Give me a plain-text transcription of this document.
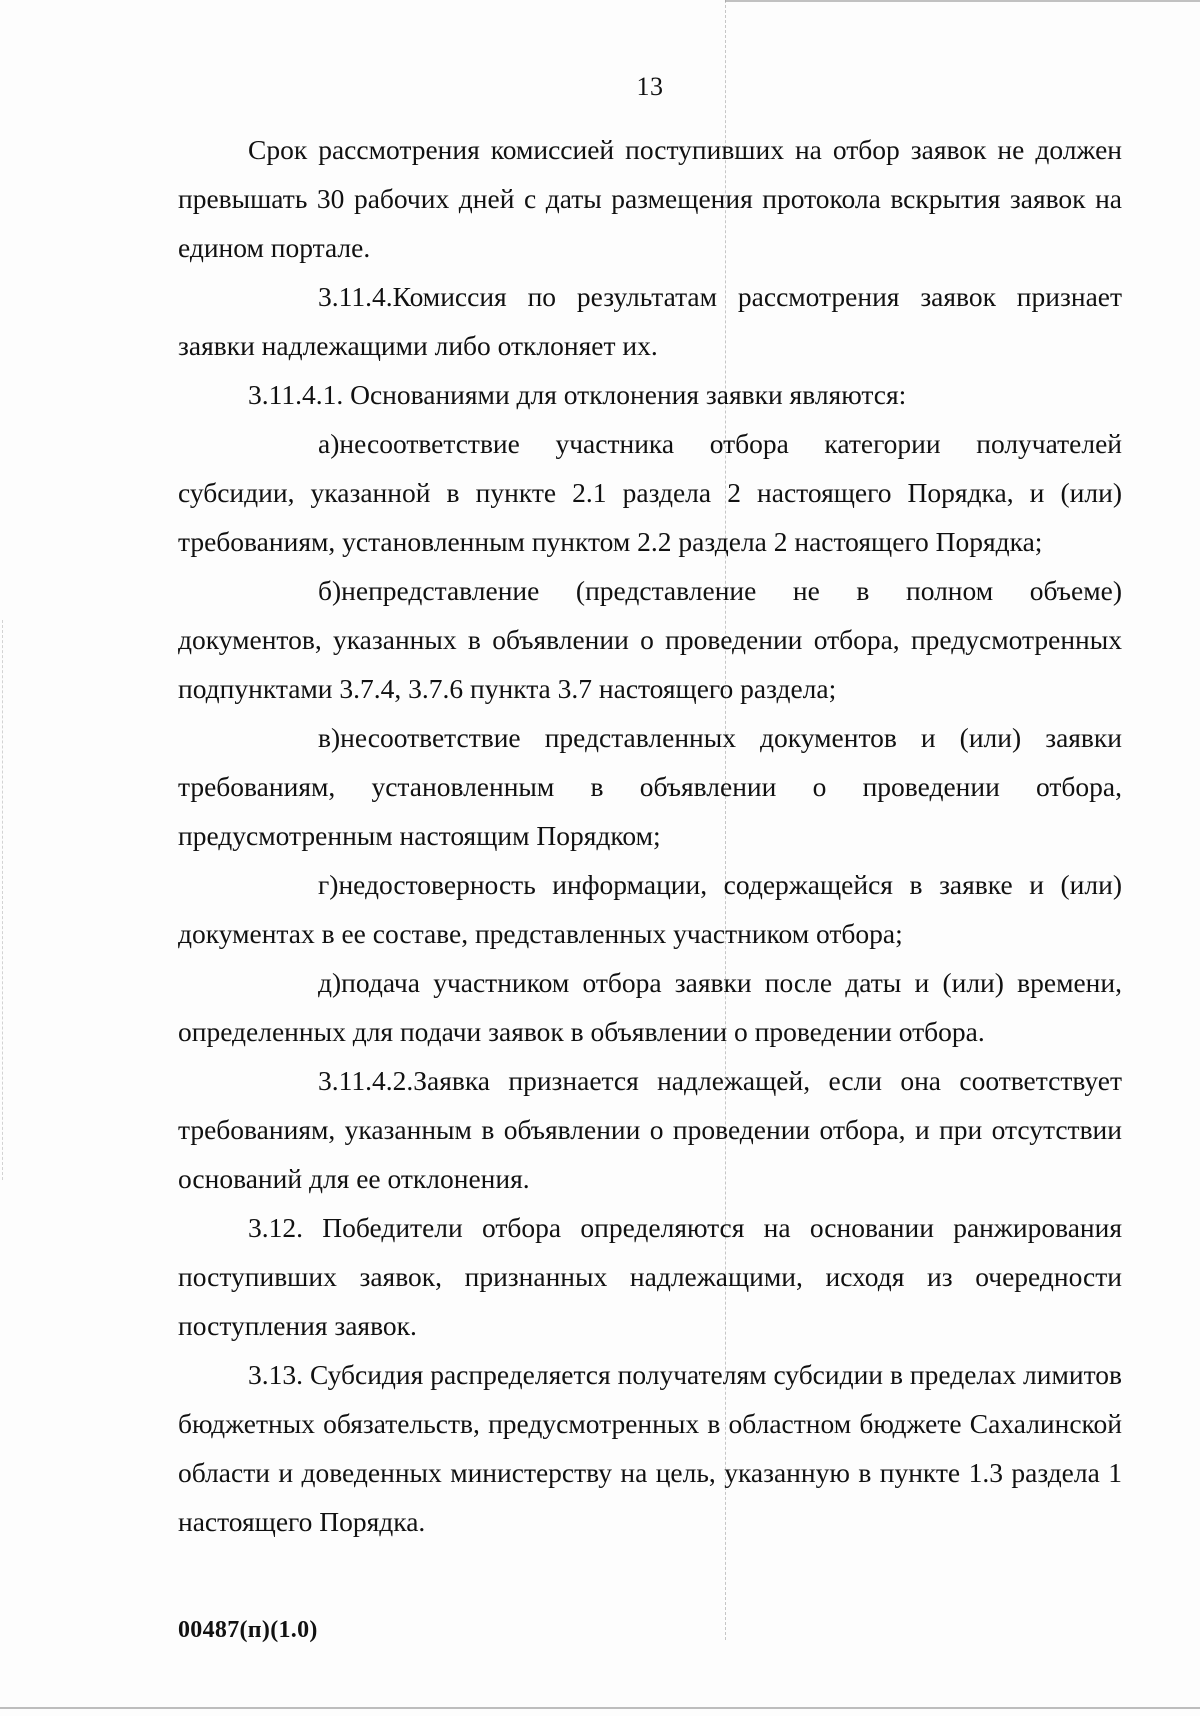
13

Срок рассмотрения комиссией поступивших на отбор заявок не должен превышать 30 рабочих дней с даты размещения протокола вскрытия заявок на едином портале.

3.11.4.Комиссия по результатам рассмотрения заявок признает заявки надлежащими либо отклоняет их.

3.11.4.1. Основаниями для отклонения заявки являются:

а)несоответствие участника отбора категории получателей субсидии, указанной в пункте 2.1 раздела 2 настоящего Порядка, и (или) требованиям, установленным пунктом 2.2 раздела 2 настоящего Порядка;

б)непредставление (представление не в полном объеме) документов, указанных в объявлении о проведении отбора, предусмотренных подпунктами 3.7.4, 3.7.6 пункта 3.7 настоящего раздела;

в)несоответствие представленных документов и (или) заявки требованиям, установленным в объявлении о проведении отбора, предусмотренным настоящим Порядком;

г)недостоверность информации, содержащейся в заявке и (или) документах в ее составе, представленных участником отбора;

д)подача участником отбора заявки после даты и (или) времени, определенных для подачи заявок в объявлении о проведении отбора.

3.11.4.2.Заявка признается надлежащей, если она соответствует требованиям, указанным в объявлении о проведении отбора, и при отсутствии оснований для ее отклонения.

3.12. Победители отбора определяются на основании ранжирования поступивших заявок, признанных надлежащими, исходя из очередности поступления заявок.

3.13. Субсидия распределяется получателям субсидии в пределах лимитов бюджетных обязательств, предусмотренных в областном бюджете Сахалинской области и доведенных министерству на цель, указанную в пункте 1.3 раздела 1 настоящего Порядка.

00487(п)(1.0)
